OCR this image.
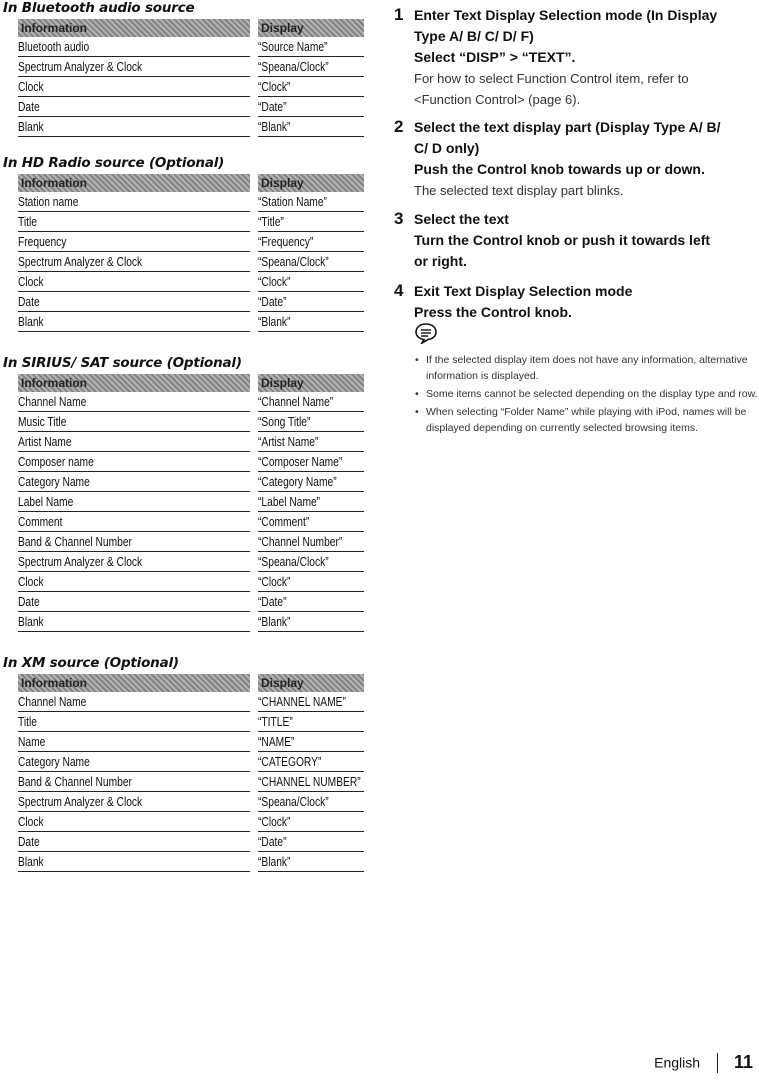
In Bluetooth audio source
Information	Display
Bluetooth audio	“Source Name”
Spectrum Analyzer & Clock	“Speana/Clock”
Clock	“Clock”
Date	“Date”
Blank	“Blank”
In HD Radio source (Optional)
Information	Display
Station name	“Station Name”
Title	“Title”
Frequency	“Frequency”
Spectrum Analyzer & Clock	“Speana/Clock”
Clock	“Clock”
Date	“Date”
Blank	“Blank”
In SIRIUS/ SAT source (Optional)
Information	Display
Channel Name	“Channel Name”
Music Title	“Song Title”
Artist Name	“Artist Name”
Composer name	“Composer Name”
Category Name	“Category Name”
Label Name	“Label Name”
Comment	“Comment”
Band & Channel Number	“Channel Number”
Spectrum Analyzer & Clock	“Speana/Clock”
Clock	“Clock”
Date	“Date”
Blank	“Blank”
In XM source (Optional)
Information	Display
Channel Name	“CHANNEL NAME”
Title	“TITLE”
Name	“NAME”
Category Name	“CATEGORY”
Band & Channel Number	“CHANNEL NUMBER”
Spectrum Analyzer & Clock	“Speana/Clock”
Clock	“Clock”
Date	“Date”
Blank	“Blank”
1 Enter Text Display Selection mode (In Display
Type A/ B/ C/ D/ F)
Select “DISP” > “TEXT”.
For how to select Function Control item, refer to
<Function Control> (page 6).
2 Select the text display part (Display Type A/ B/
C/ D only)
Push the Control knob towards up or down.
The selected text display part blinks.
3 Select the text
Turn the Control knob or push it towards left
or right.
4 Exit Text Display Selection mode
Press the Control knob.
• If the selected display item does not have any information, alternative information is displayed.
• Some items cannot be selected depending on the display type and row.
• When selecting “Folder Name” while playing with iPod, names will be displayed depending on currently selected browsing items.
English 11
